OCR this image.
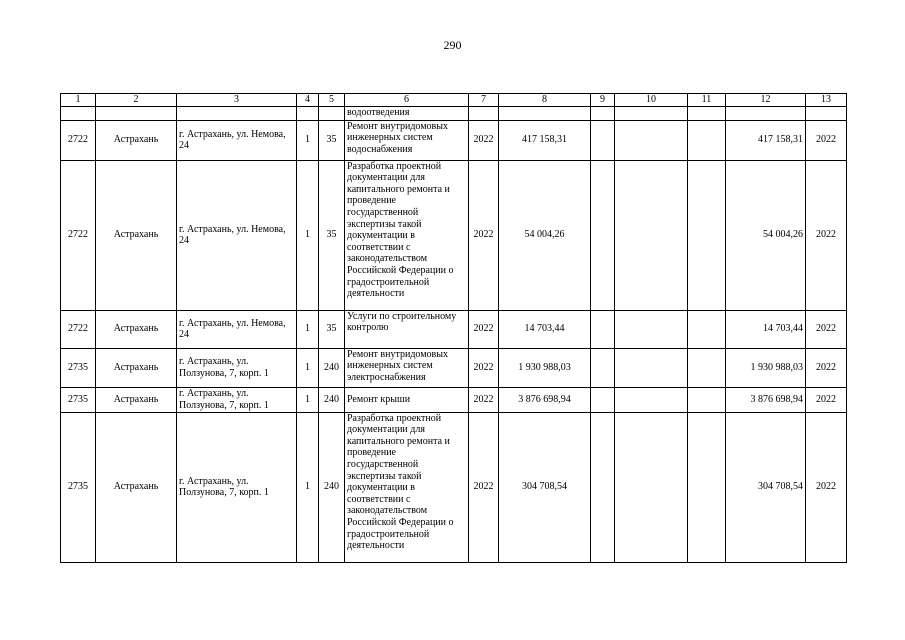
290
1	2	3	4	5	6	7	8	9	10	11	12	13
					водоотведения							
2722	Астрахань	г. Астрахань, ул. Немова, 24	1	35	Ремонт внутридомовых инженерных систем водоснабжения	2022	417 158,31				417 158,31	2022
2722	Астрахань	г. Астрахань, ул. Немова, 24	1	35	Разработка проектной документации для капитального ремонта и проведение государственной экспертизы такой документации в соответствии с законодательством Российской Федерации о градостроительной деятельности	2022	54 004,26				54 004,26	2022
2722	Астрахань	г. Астрахань, ул. Немова, 24	1	35	Услуги по строительному контролю	2022	14 703,44				14 703,44	2022
2735	Астрахань	г. Астрахань, ул. Ползунова, 7, корп. 1	1	240	Ремонт внутридомовых инженерных систем электроснабжения	2022	1 930 988,03				1 930 988,03	2022
2735	Астрахань	г. Астрахань, ул. Ползунова, 7, корп. 1	1	240	Ремонт крыши	2022	3 876 698,94				3 876 698,94	2022
2735	Астрахань	г. Астрахань, ул. Ползунова, 7, корп. 1	1	240	Разработка проектной документации для капитального ремонта и проведение государственной экспертизы такой документации в соответствии с законодательством Российской Федерации о градостроительной деятельности	2022	304 708,54				304 708,54	2022
